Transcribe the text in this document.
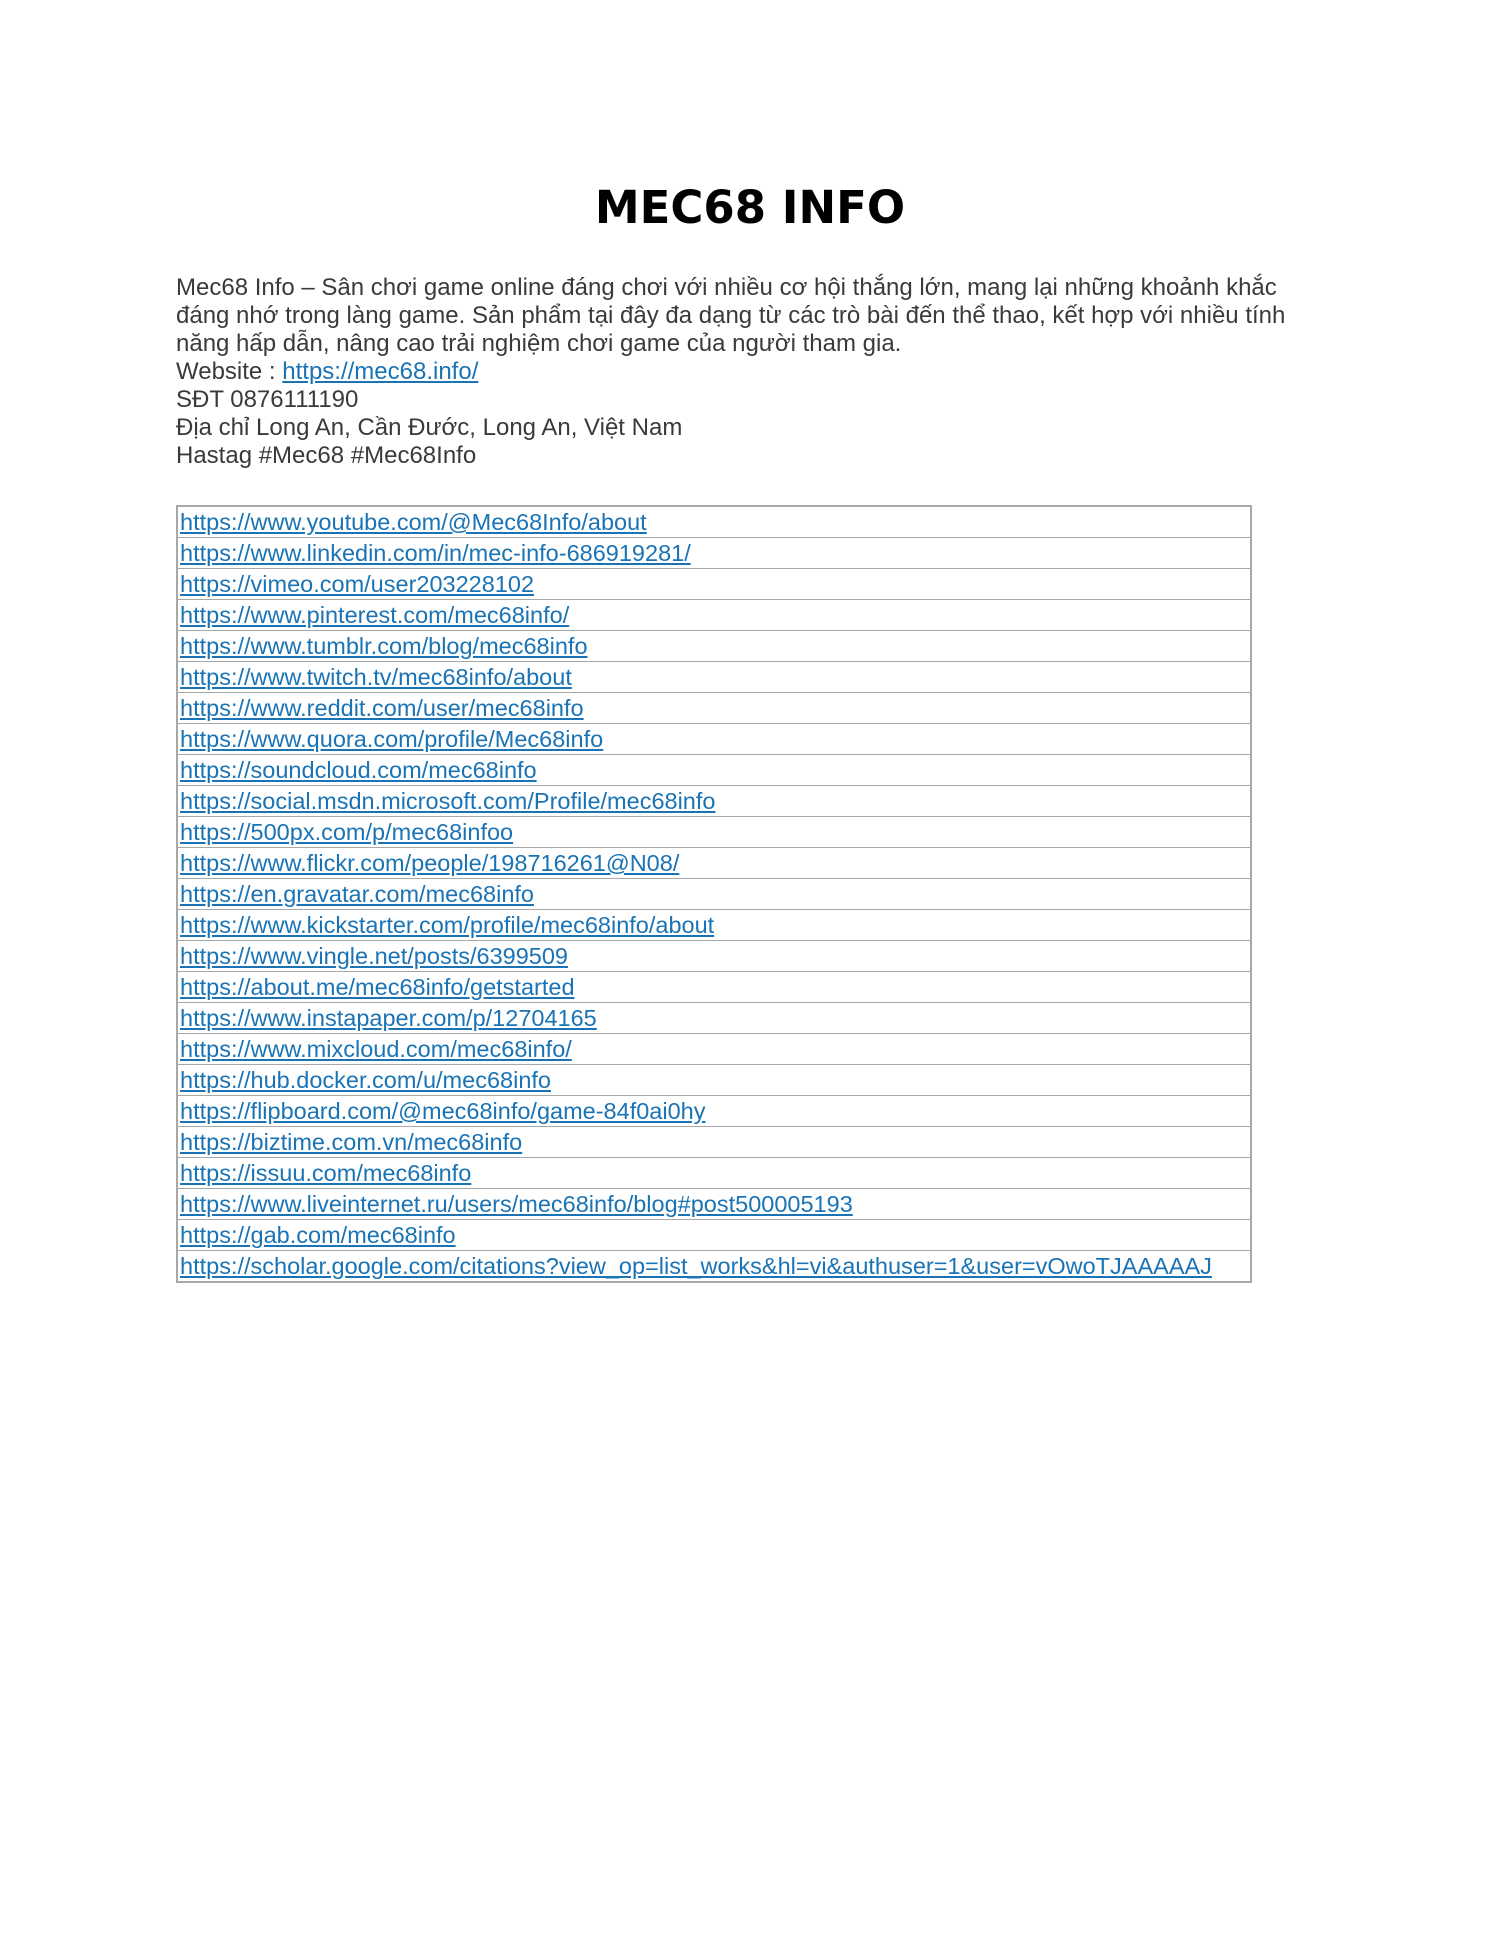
MEC68 INFO

Mec68 Info – Sân chơi game online đáng chơi với nhiều cơ hội thắng lớn, mang lại những khoảnh khắc đáng nhớ trong làng game. Sản phẩm tại đây đa dạng từ các trò bài đến thể thao, kết hợp với nhiều tính năng hấp dẫn, nâng cao trải nghiệm chơi game của người tham gia.

Website : https://mec68.info/

SĐT 0876111190

Địa chỉ Long An, Cần Đước, Long An, Việt Nam

Hastag #Mec68 #Mec68Info

https://www.youtube.com/@Mec68Info/about
https://www.linkedin.com/in/mec-info-686919281/
https://vimeo.com/user203228102
https://www.pinterest.com/mec68info/
https://www.tumblr.com/blog/mec68info
https://www.twitch.tv/mec68info/about
https://www.reddit.com/user/mec68info
https://www.quora.com/profile/Mec68info
https://soundcloud.com/mec68info
https://social.msdn.microsoft.com/Profile/mec68info
https://500px.com/p/mec68infoo
https://www.flickr.com/people/198716261@N08/
https://en.gravatar.com/mec68info
https://www.kickstarter.com/profile/mec68info/about
https://www.vingle.net/posts/6399509
https://about.me/mec68info/getstarted
https://www.instapaper.com/p/12704165
https://www.mixcloud.com/mec68info/
https://hub.docker.com/u/mec68info
https://flipboard.com/@mec68info/game-84f0ai0hy
https://biztime.com.vn/mec68info
https://issuu.com/mec68info
https://www.liveinternet.ru/users/mec68info/blog#post500005193
https://gab.com/mec68info
https://scholar.google.com/citations?view_op=list_works&hl=vi&authuser=1&user=vOwoTJAAAAAJ
